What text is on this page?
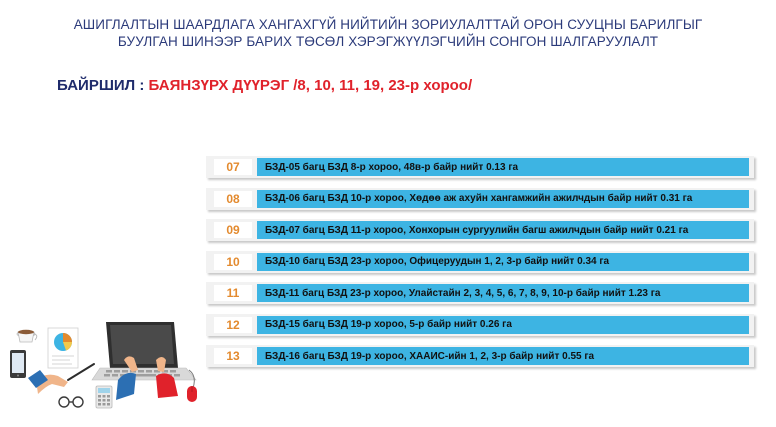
АШИГЛАЛТЫН ШААРДЛАГА ХАНГАХГҮЙ НИЙТИЙН ЗОРИУЛАЛТТАЙ ОРОН СУУЦНЫ БАРИЛГЫГ
БУУЛГАН ШИНЭЭР БАРИХ ТӨСӨЛ ХЭРЭГЖҮҮЛЭГЧИЙН СОНГОН ШАЛГАРУУЛАЛТ
БАЙРШИЛ : БАЯНЗҮРХ ДҮҮРЭГ /8, 10, 11, 19, 23-р хороо/
07	БЗД-05 багц БЗД 8-р хороо, 48в-р байр нийт 0.13 га
08	БЗД-06 багц БЗД 10-р хороо, Хөдөө аж ахуйн хангамжийн ажилчдын байр нийт 0.31 га
09	БЗД-07 багц БЗД 11-р хороо, Хонхорын сургуулийн багш ажилчдын байр нийт 0.21 га
10	БЗД-10 багц БЗД 23-р хороо, Офицеруудын 1, 2, 3-р байр нийт 0.34 га
11	БЗД-11 багц БЗД 23-р хороо, Улайстайн 2, 3, 4, 5, 6, 7, 8, 9, 10-р байр нийт 1.23 га
12	БЗД-15 багц БЗД 19-р хороо, 5-р байр нийт 0.26 га
13	БЗД-16 багц БЗД 19-р хороо, ХААИС-ийн 1, 2, 3-р байр нийт 0.55 га
